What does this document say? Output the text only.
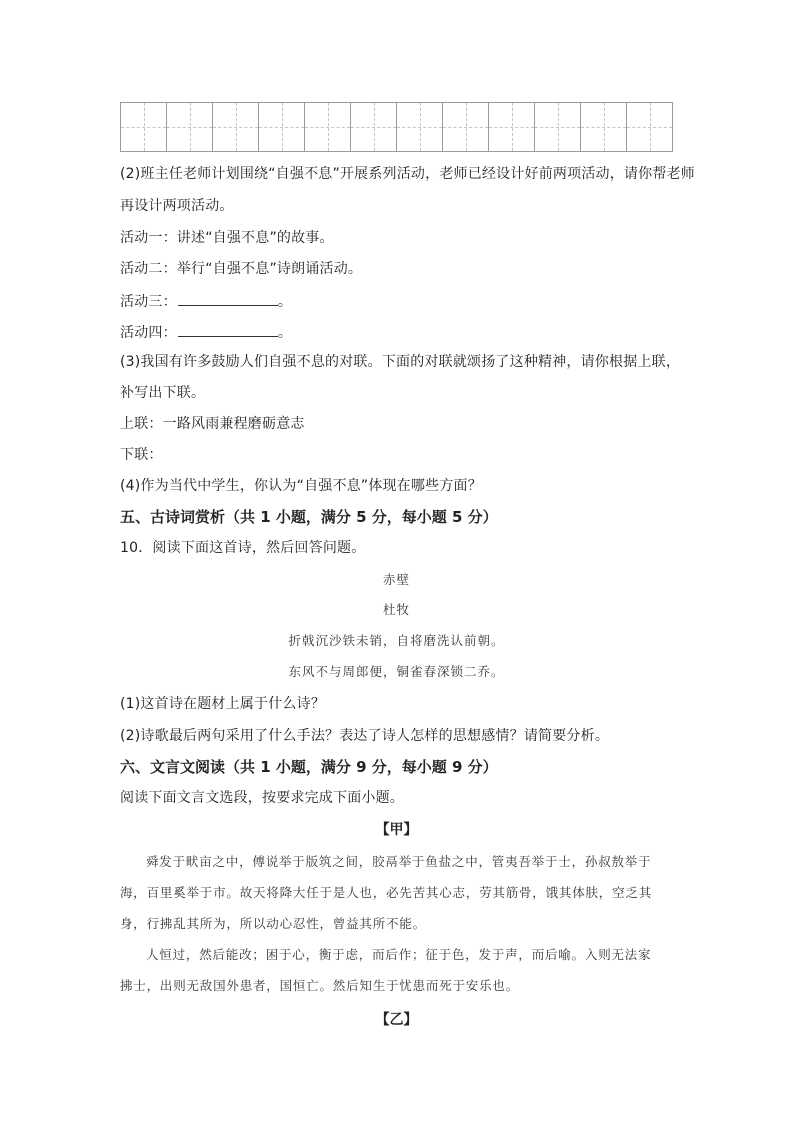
(2)班主任老师计划围绕“自强不息”开展系列活动，老师已经设计好前两项活动，请你帮老师
再设计两项活动。
活动一：讲述“自强不息”的故事。
活动二：举行“自强不息”诗朗诵活动。
活动三：	。
活动四：	。
(3)我国有许多鼓励人们自强不息的对联。下面的对联就颂扬了这种精神，请你根据上联，
补写出下联。
上联：一路风雨兼程磨砺意志
下联：
(4)作为当代中学生，你认为“自强不息”体现在哪些方面？
五、古诗词赏析（共 1 小题，满分 5 分，每小题 5 分）
10．阅读下面这首诗，然后回答问题。
赤壁
杜牧
折戟沉沙铁未销，自将磨洗认前朝。
东风不与周郎便，铜雀春深锁二乔。
(1)这首诗在题材上属于什么诗？
(2)诗歌最后两句采用了什么手法？表达了诗人怎样的思想感情？请简要分析。
六、文言文阅读（共 1 小题，满分 9 分，每小题 9 分）
阅读下面文言文选段，按要求完成下面小题。
【甲】
舜发于畎亩之中，傅说举于版筑之间，胶鬲举于鱼盐之中，管夷吾举于士，孙叔敖举于
海，百里奚举于市。故天将降大任于是人也，必先苦其心志，劳其筋骨，饿其体肤，空乏其
身，行拂乱其所为，所以动心忍性，曾益其所不能。
人恒过，然后能改；困于心，衡于虑，而后作；征于色，发于声，而后喻。入则无法家
拂士，出则无敌国外患者，国恒亡。然后知生于忧患而死于安乐也。
【乙】
